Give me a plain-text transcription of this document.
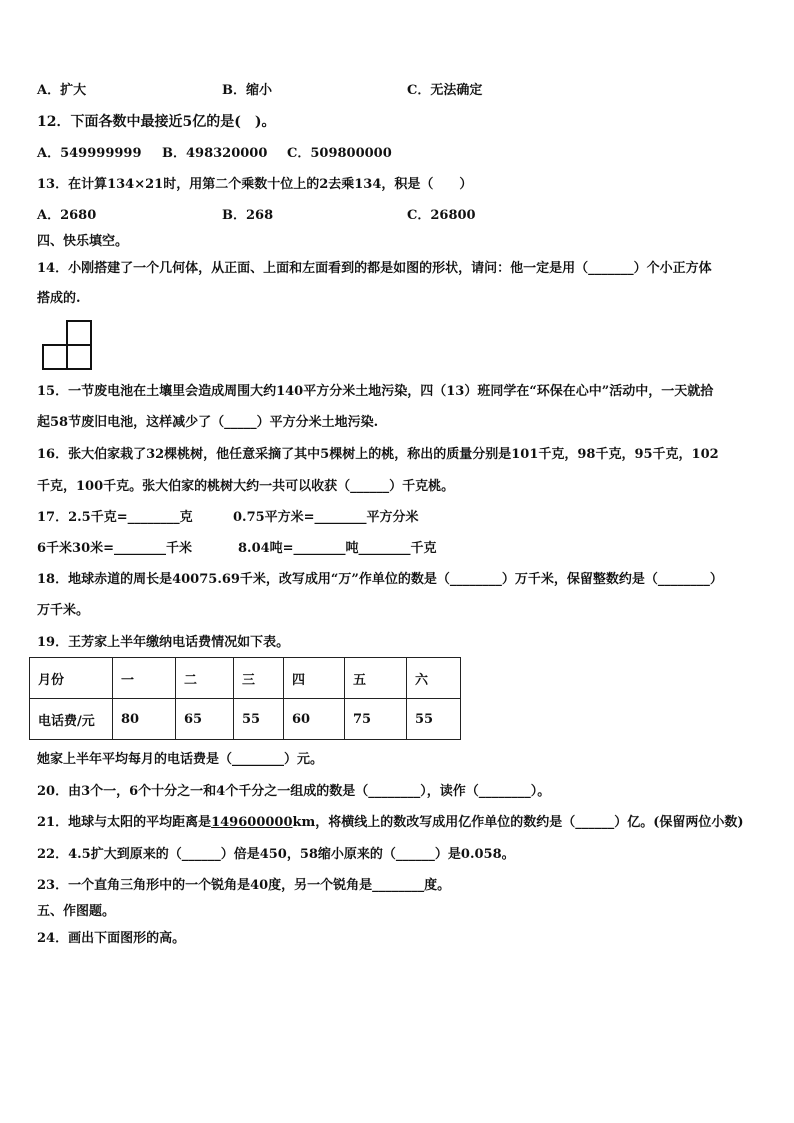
A．扩大	B．缩小	C．无法确定
12．下面各数中最接近5亿的是(　)。
A．549999999 B．498320000 C．509800000
13．在计算134×21时，用第二个乘数十位上的2去乘134，积是（　　）
A．2680	B．268	C．26800
四、快乐填空。
14．小刚搭建了一个几何体，从正面、上面和左面看到的都是如图的形状，请问：他一定是用（_______）个小正方体
搭成的.
15．一节废电池在土壤里会造成周围大约140平方分米土地污染，四（13）班同学在“环保在心中”活动中，一天就拾
起58节废旧电池，这样减少了（_____）平方分米土地污染.
16．张大伯家栽了32棵桃树，他任意采摘了其中5棵树上的桃，称出的质量分别是101千克，98千克，95千克，102
千克，100千克。张大伯家的桃树大约一共可以收获（______）千克桃。
17．2.5千克=________克	0.75平方米=________平方分米
6千米30米=________千米	8.04吨=________吨________千克
18．地球赤道的周长是40075.69千米，改写成用“万”作单位的数是（________）万千米，保留整数约是（________）
万千米。
19．王芳家上半年缴纳电话费情况如下表。
月份	一	二	三	四	五	六
电话费/元	80	65	55	60	75	55
她家上半年平均每月的电话费是（________）元。
20．由3个一，6个十分之一和4个千分之一组成的数是（________），读作（________）。
21．地球与太阳的平均距离是149600000km，将横线上的数改写成用亿作单位的数约是（______）亿。(保留两位小数)
22．4.5扩大到原来的（______）倍是450，58缩小原来的（______）是0.058。
23．一个直角三角形中的一个锐角是40度，另一个锐角是________度。
五、作图题。
24．画出下面图形的高。
